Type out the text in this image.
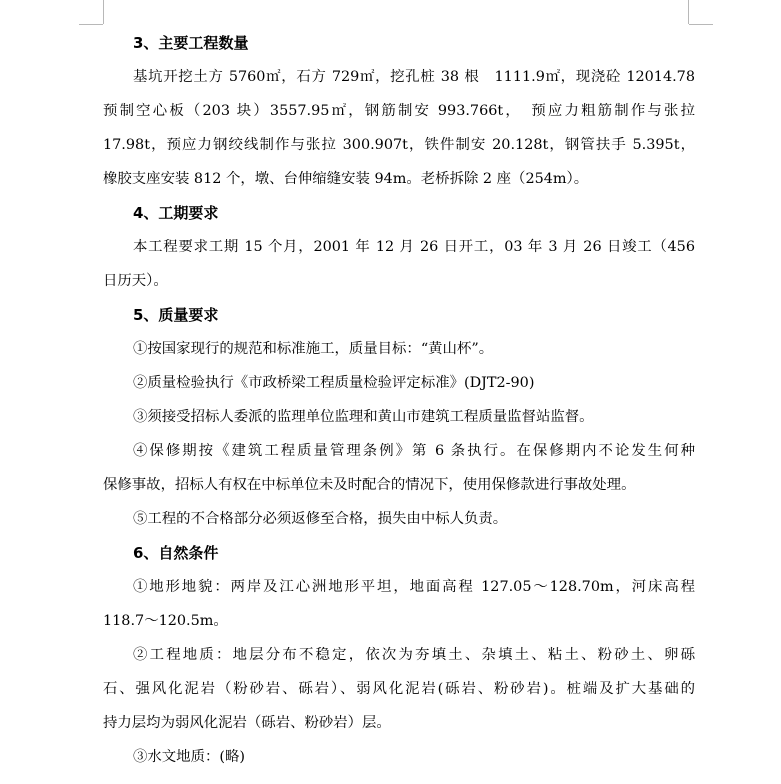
3、主要工程数量
基坑开挖土方 5760㎡，石方 729㎡，挖孔桩 38 根　1111.9㎡，现浇砼 12014.78
预制空心板（203 块）3557.95㎡，钢筋制安 993.766t，　预应力粗筋制作与张拉
17.98t，预应力钢绞线制作与张拉 300.907t，铁件制安 20.128t，钢管扶手 5.395t，
橡胶支座安装 812 个，墩、台伸缩缝安装 94m。老桥拆除 2 座（254m）。
4、工期要求
本工程要求工期 15 个月，2001 年 12 月 26 日开工，03 年 3 月 26 日竣工（456
日历天）。
5、质量要求
①按国家现行的规范和标准施工，质量目标：“黄山杯”。
②质量检验执行《市政桥梁工程质量检验评定标准》(DJT2-90)
③须接受招标人委派的监理单位监理和黄山市建筑工程质量监督站监督。
④保修期按《建筑工程质量管理条例》第 6 条执行。在保修期内不论发生何种
保修事故，招标人有权在中标单位未及时配合的情况下，使用保修款进行事故处理。
⑤工程的不合格部分必须返修至合格，损失由中标人负责。
6、自然条件
①地形地貌：两岸及江心洲地形平坦，地面高程 127.05～128.70m，河床高程
118.7～120.5m。
②工程地质：地层分布不稳定，依次为夯填土、杂填土、粘土、粉砂土、卵砾
石、强风化泥岩（粉砂岩、砾岩）、弱风化泥岩(砾岩、粉砂岩)。桩端及扩大基础的
持力层均为弱风化泥岩（砾岩、粉砂岩）层。
③水文地质：(略)
